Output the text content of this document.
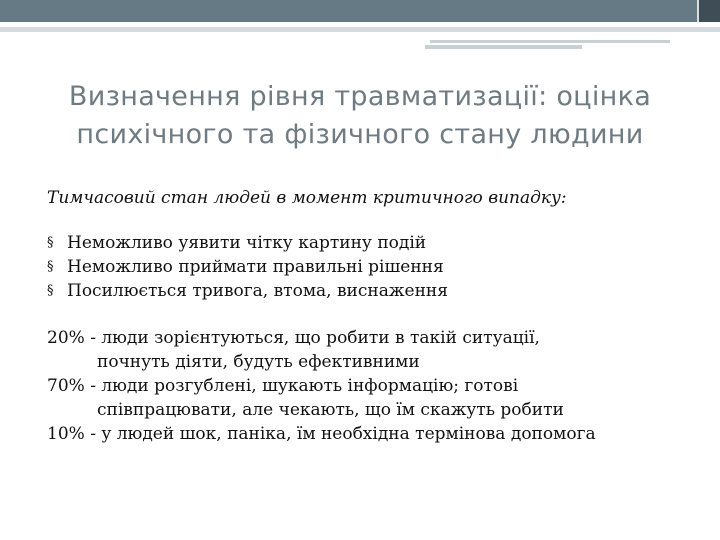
Визначення рівня травматизації: оцінка
психічного та фізичного стану людини

Тимчасовий стан людей в момент критичного випадку:

§ Неможливо уявити чітку картину подій
§ Неможливо приймати правильні рішення
§ Посилюється тривога, втома, виснаження
20% - люди зорієнтуються, що робити в такій ситуації,
почнуть діяти, будуть ефективними
70% - люди розгублені, шукають інформацію; готові
співпрацювати, але чекають, що їм скажуть робити
10% - у людей шок, паніка, їм необхідна термінова допомога
